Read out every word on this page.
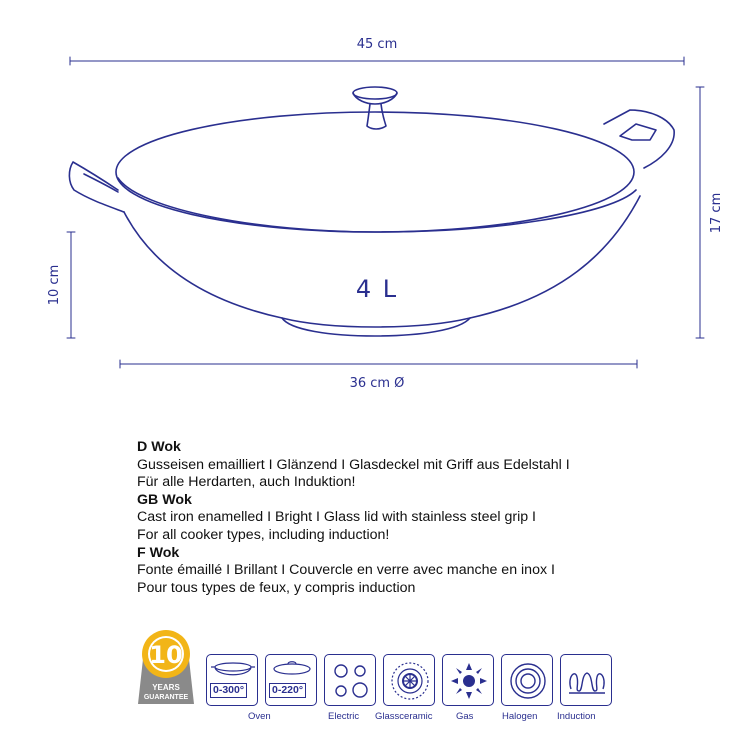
45 cm
17 cm
10 cm
36 cm Ø
4 L
D Wok
Gusseisen emailliert I Glänzend I Glasdeckel mit Griff aus Edelstahl I
Für alle Herdarten, auch Induktion!
GB Wok
Cast iron enamelled I Bright I Glass lid with stainless steel grip I
For all cooker types, including induction!
F Wok
Fonte émaillé I Brillant I Couvercle en verre avec manche en inox I
Pour tous types de feux, y compris induction
10
YEARS
GUARANTEE
0-300°	0-220°
Oven	Electric Glassceramic Gas	Halogen Induction
